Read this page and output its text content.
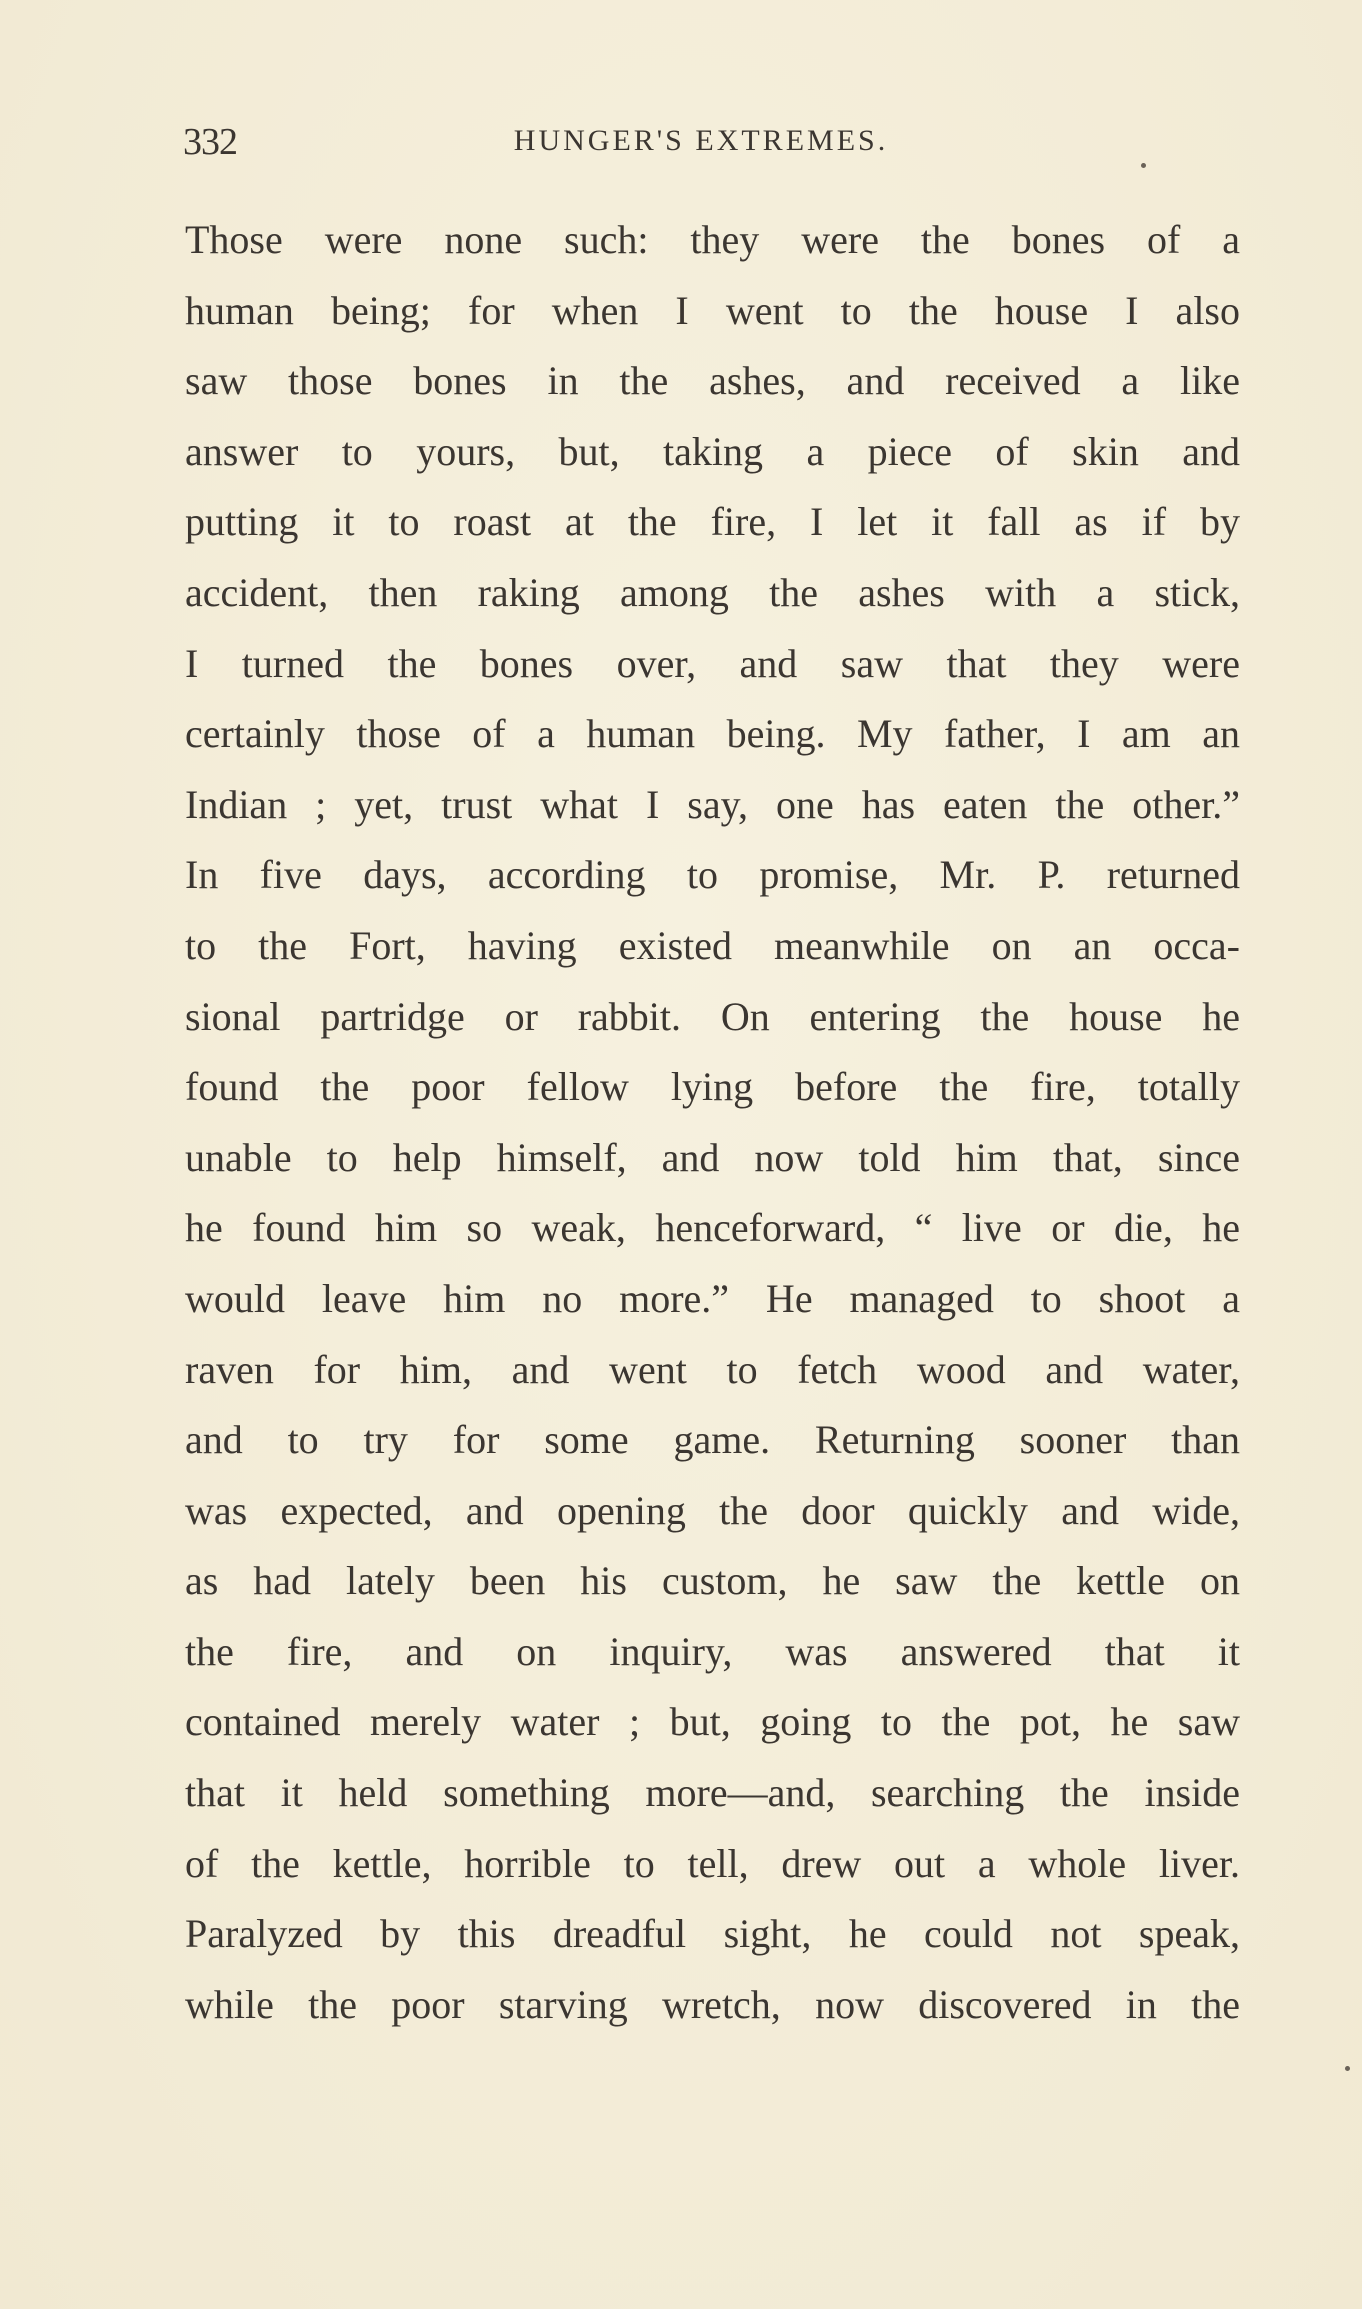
332	HUNGER'S EXTREMES.
Those were none such: they were the bones of a
human being; for when I went to the house I also
saw those bones in the ashes, and received a like
answer to yours, but, taking a piece of skin and
putting it to roast at the fire, I let it fall as if by
accident, then raking among the ashes with a stick,
I turned the bones over, and saw that they were
certainly those of a human being. My father, I am an
Indian ; yet, trust what I say, one has eaten the other.”
In five days, according to promise, Mr. P. returned
to the Fort, having existed meanwhile on an occa-
sional partridge or rabbit. On entering the house he
found the poor fellow lying before the fire, totally
unable to help himself, and now told him that, since
he found him so weak, henceforward, “ live or die, he
would leave him no more.” He managed to shoot a
raven for him, and went to fetch wood and water,
and to try for some game. Returning sooner than
was expected, and opening the door quickly and wide,
as had lately been his custom, he saw the kettle on
the fire, and on inquiry, was answered that it
contained merely water ; but, going to the pot, he saw
that it held something more—and, searching the inside
of the kettle, horrible to tell, drew out a whole liver.
Paralyzed by this dreadful sight, he could not speak,
while the poor starving wretch, now discovered in the
